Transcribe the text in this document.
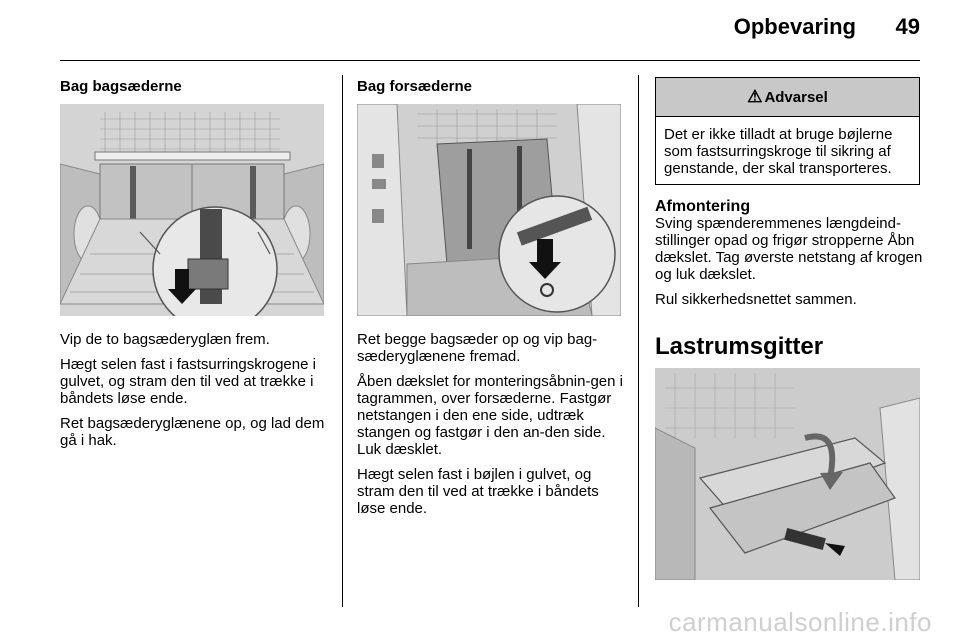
Opbevaring 49
Bag bagsæderne

Vip de to bagsæderyglæn frem.

Hægt selen fast i fastsurringskrogene i gulvet, og stram den til ved at trække i båndets løse ende.

Ret bagsæderyglænene op, og lad dem gå i hak.

Bag forsæderne

Ret begge bagsæder op og vip bag-sæderyglænene fremad.

Åben dækslet for monteringsåbnin-gen i tagrammen, over forsæderne. Fastgør netstangen i den ene side, udtræk stangen og fastgør i den an-den side. Luk dæsklet.

Hægt selen fast i bøjlen i gulvet, og stram den til ved at trække i båndets løse ende.

⚠ Advarsel
Det er ikke tilladt at bruge bøjlerne som fastsurringskroge til sikring af genstande, der skal transporteres.
Afmontering

Sving spænderemmenes længdeind-stillinger opad og frigør stropperne Åbn dækslet. Tag øverste netstang af krogen og luk dækslet.

Rul sikkerhedsnettet sammen.

Lastrumsgitter
carmanualsonline.info
